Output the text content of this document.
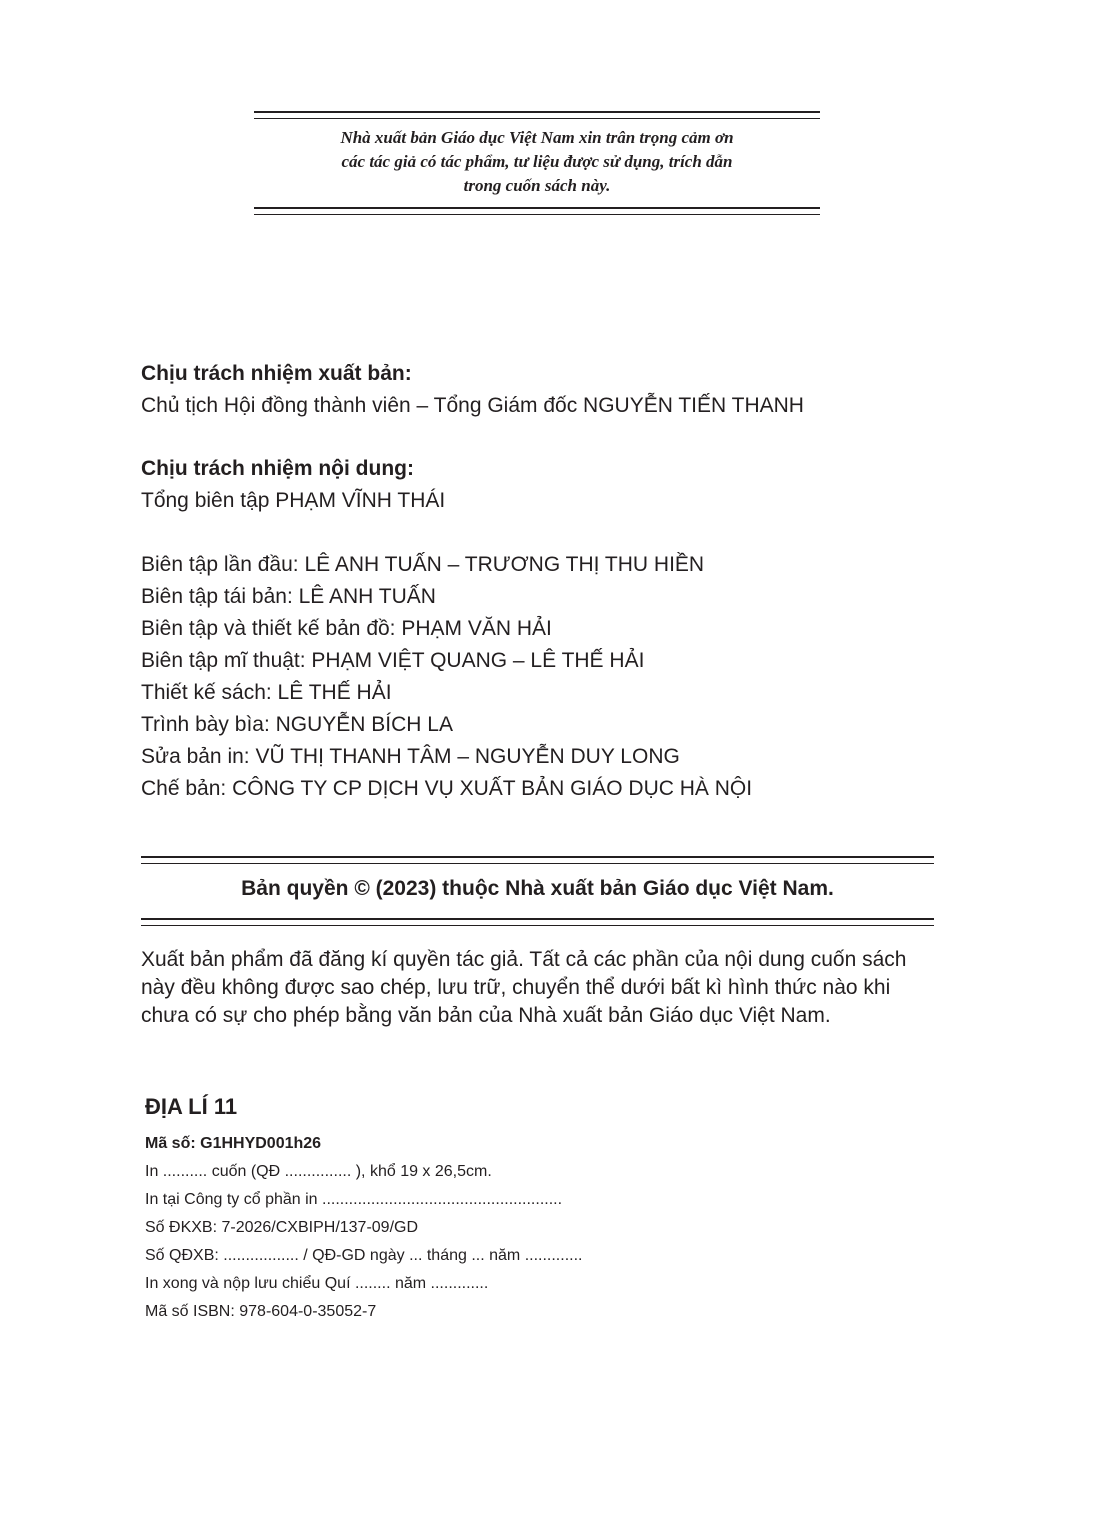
Nhà xuất bản Giáo dục Việt Nam xin trân trọng cảm ơn
các tác giả có tác phẩm, tư liệu được sử dụng, trích dẫn
trong cuốn sách này.
Chịu trách nhiệm xuất bản:
Chủ tịch Hội đồng thành viên – Tổng Giám đốc NGUYỄN TIẾN THANH
Chịu trách nhiệm nội dung:
Tổng biên tập PHẠM VĨNH THÁI
Biên tập lần đầu: LÊ ANH TUẤN – TRƯƠNG THỊ THU HIỀN
Biên tập tái bản: LÊ ANH TUẤN
Biên tập và thiết kế bản đồ: PHẠM VĂN HẢI
Biên tập mĩ thuật: PHẠM VIỆT QUANG – LÊ THẾ HẢI
Thiết kế sách: LÊ THẾ HẢI
Trình bày bìa: NGUYỄN BÍCH LA
Sửa bản in: VŨ THỊ THANH TÂM – NGUYỄN DUY LONG
Chế bản: CÔNG TY CP DỊCH VỤ XUẤT BẢN GIÁO DỤC HÀ NỘI
Bản quyền © (2023) thuộc Nhà xuất bản Giáo dục Việt Nam.
Xuất bản phẩm đã đăng kí quyền tác giả. Tất cả các phần của nội dung cuốn sách này đều không được sao chép, lưu trữ, chuyển thể dưới bất kì hình thức nào khi chưa có sự cho phép bằng văn bản của Nhà xuất bản Giáo dục Việt Nam.
ĐỊA LÍ 11
Mã số: G1HHYD001h26
In .......... cuốn (QĐ ............... ), khổ 19 x 26,5cm.
In tại Công ty cổ phần in ......................................................
Số ĐKXB: 7-2026/CXBIPH/137-09/GD
Số QĐXB: ................. / QĐ-GD ngày ... tháng ... năm .............
In xong và nộp lưu chiểu Quí ........ năm .............
Mã số ISBN: 978-604-0-35052-7
